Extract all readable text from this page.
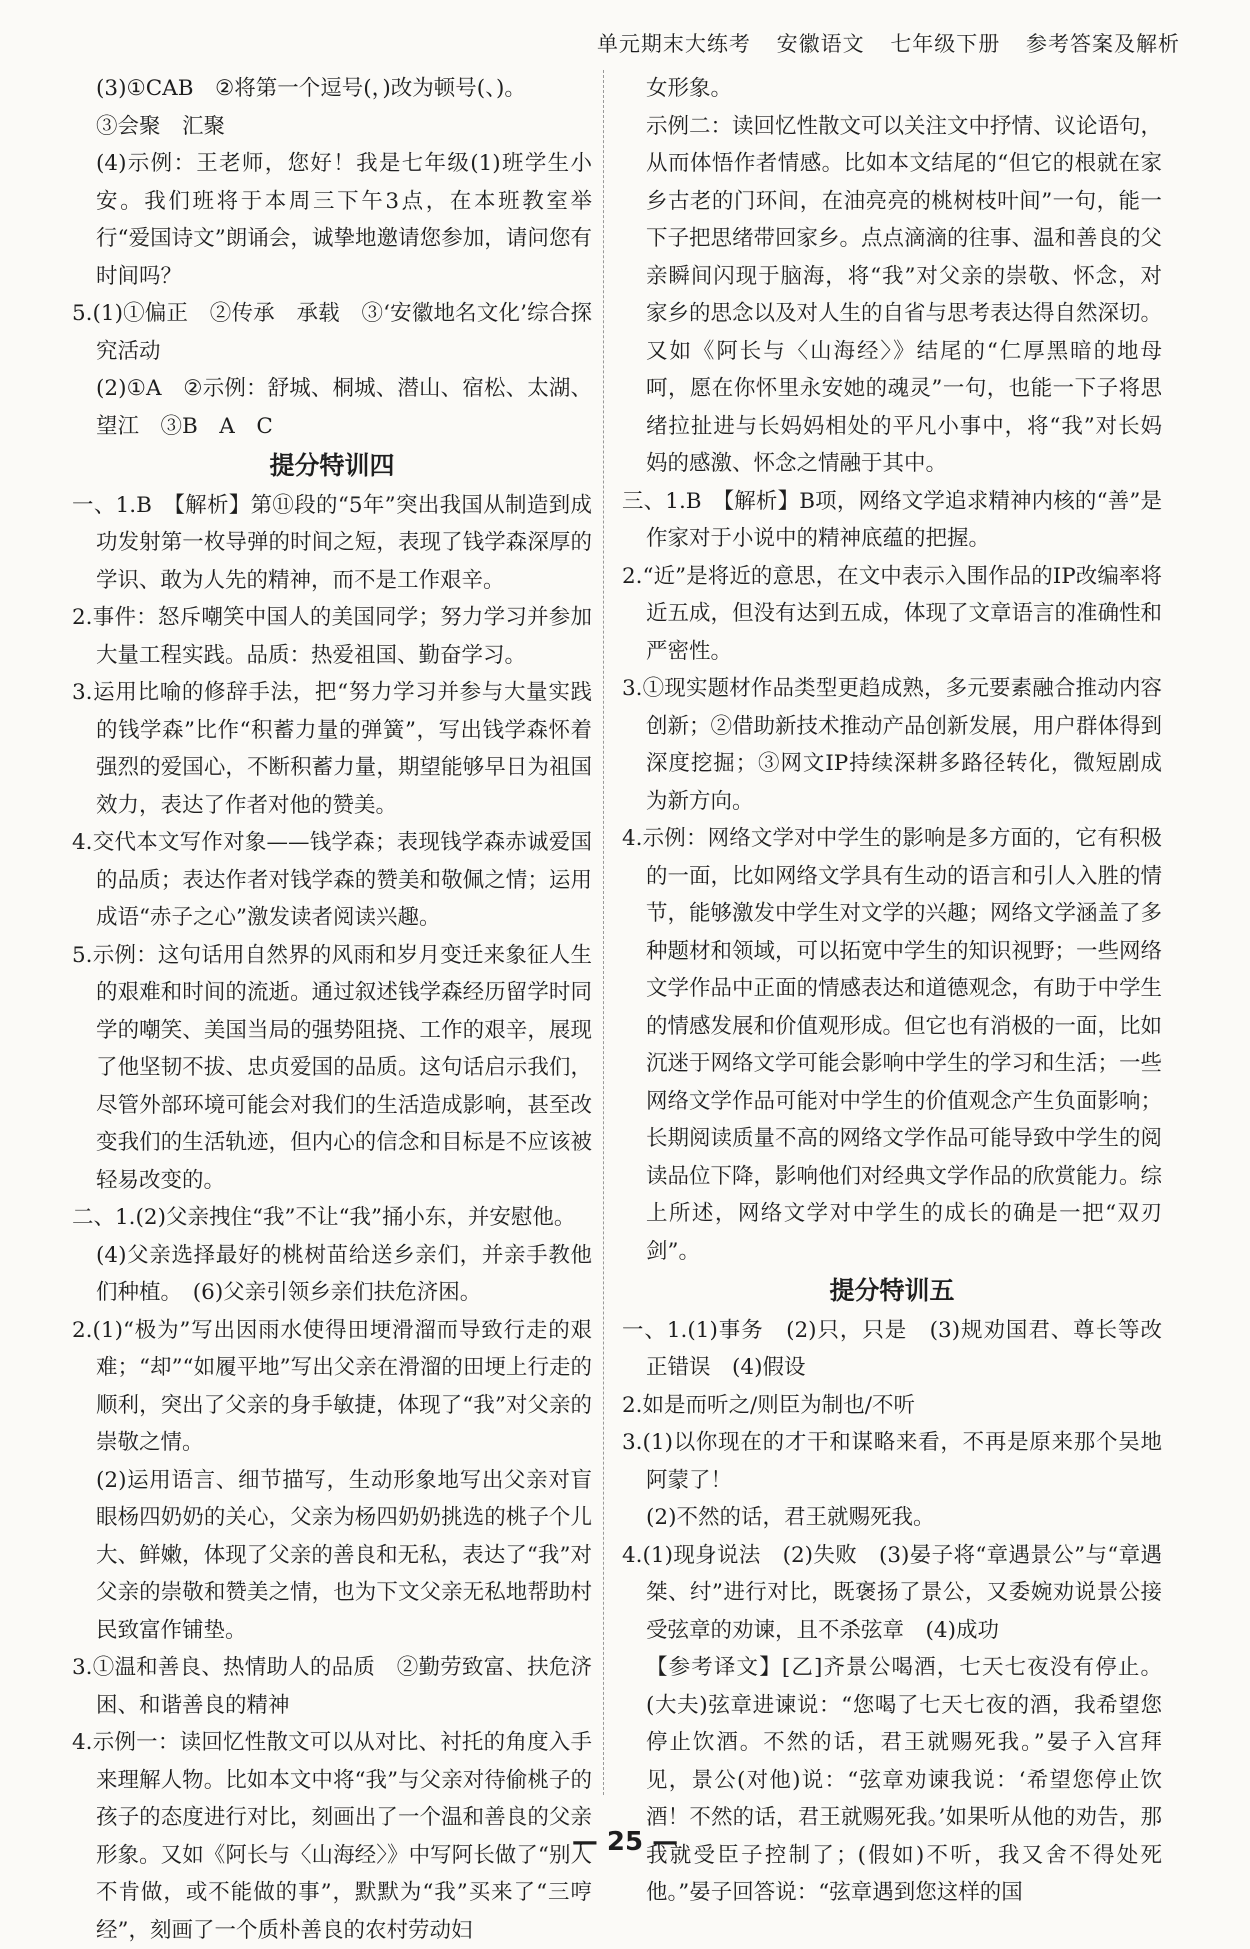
单元期末大练考 安徽语文 七年级下册 参考答案及解析

(3)①CAB　②将第一个逗号(，)改为顿号(、)。

③会聚　汇聚

(4)示例：王老师，您好！我是七年级(1)班学生小安。我们班将于本周三下午3点，在本班教室举行“爱国诗文”朗诵会，诚挚地邀请您参加，请问您有时间吗？

5.(1)①偏正　②传承　承载　③‘安徽地名文化’综合探究活动

(2)①A　②示例：舒城、桐城、潜山、宿松、太湖、望江　③B　A　C

提分特训四

一、1.B　【解析】第⑪段的“5年”突出我国从制造到成功发射第一枚导弹的时间之短，表现了钱学森深厚的学识、敢为人先的精神，而不是工作艰辛。

2.事件：怒斥嘲笑中国人的美国同学；努力学习并参加大量工程实践。品质：热爱祖国、勤奋学习。

3.运用比喻的修辞手法，把“努力学习并参与大量实践的钱学森”比作“积蓄力量的弹簧”，写出钱学森怀着强烈的爱国心，不断积蓄力量，期望能够早日为祖国效力，表达了作者对他的赞美。

4.交代本文写作对象——钱学森；表现钱学森赤诚爱国的品质；表达作者对钱学森的赞美和敬佩之情；运用成语“赤子之心”激发读者阅读兴趣。

5.示例：这句话用自然界的风雨和岁月变迁来象征人生的艰难和时间的流逝。通过叙述钱学森经历留学时同学的嘲笑、美国当局的强势阻挠、工作的艰辛，展现了他坚韧不拔、忠贞爱国的品质。这句话启示我们，尽管外部环境可能会对我们的生活造成影响，甚至改变我们的生活轨迹，但内心的信念和目标是不应该被轻易改变的。

二、1.(2)父亲拽住“我”不让“我”捅小东，并安慰他。

(4)父亲选择最好的桃树苗给送乡亲们，并亲手教他们种植。　(6)父亲引领乡亲们扶危济困。

2.(1)“极为”写出因雨水使得田埂滑溜而导致行走的艰难；“却”“如履平地”写出父亲在滑溜的田埂上行走的顺利，突出了父亲的身手敏捷，体现了“我”对父亲的崇敬之情。

(2)运用语言、细节描写，生动形象地写出父亲对盲眼杨四奶奶的关心，父亲为杨四奶奶挑选的桃子个儿大、鲜嫩，体现了父亲的善良和无私，表达了“我”对父亲的崇敬和赞美之情，也为下文父亲无私地帮助村民致富作铺垫。

3.①温和善良、热情助人的品质　②勤劳致富、扶危济困、和谐善良的精神

4.示例一：读回忆性散文可以从对比、衬托的角度入手来理解人物。比如本文中将“我”与父亲对待偷桃子的孩子的态度进行对比，刻画出了一个温和善良的父亲形象。又如《阿长与〈山海经〉》中写阿长做了“别人不肯做，或不能做的事”，默默为“我”买来了“三哼经”，刻画了一个质朴善良的农村劳动妇

女形象。

示例二：读回忆性散文可以关注文中抒情、议论语句，从而体悟作者情感。比如本文结尾的“但它的根就在家乡古老的门环间，在油亮亮的桃树枝叶间”一句，能一下子把思绪带回家乡。点点滴滴的往事、温和善良的父亲瞬间闪现于脑海，将“我”对父亲的崇敬、怀念，对家乡的思念以及对人生的自省与思考表达得自然深切。又如《阿长与〈山海经〉》结尾的“仁厚黑暗的地母呵，愿在你怀里永安她的魂灵”一句，也能一下子将思绪拉扯进与长妈妈相处的平凡小事中，将“我”对长妈妈的感激、怀念之情融于其中。

三、1.B　【解析】B项，网络文学追求精神内核的“善”是作家对于小说中的精神底蕴的把握。

2.“近”是将近的意思，在文中表示入围作品的IP改编率将近五成，但没有达到五成，体现了文章语言的准确性和严密性。

3.①现实题材作品类型更趋成熟，多元要素融合推动内容创新；②借助新技术推动产品创新发展，用户群体得到深度挖掘；③网文IP持续深耕多路径转化，微短剧成为新方向。

4.示例：网络文学对中学生的影响是多方面的，它有积极的一面，比如网络文学具有生动的语言和引人入胜的情节，能够激发中学生对文学的兴趣；网络文学涵盖了多种题材和领域，可以拓宽中学生的知识视野；一些网络文学作品中正面的情感表达和道德观念，有助于中学生的情感发展和价值观形成。但它也有消极的一面，比如沉迷于网络文学可能会影响中学生的学习和生活；一些网络文学作品可能对中学生的价值观念产生负面影响；长期阅读质量不高的网络文学作品可能导致中学生的阅读品位下降，影响他们对经典文学作品的欣赏能力。综上所述，网络文学对中学生的成长的确是一把“双刃剑”。

提分特训五

一、1.(1)事务　(2)只，只是　(3)规劝国君、尊长等改正错误　(4)假设

2.如是而听之/则臣为制也/不听

3.(1)以你现在的才干和谋略来看，不再是原来那个吴地阿蒙了！

(2)不然的话，君王就赐死我。

4.(1)现身说法　(2)失败　(3)晏子将“章遇景公”与“章遇桀、纣”进行对比，既褒扬了景公，又委婉劝说景公接受弦章的劝谏，且不杀弦章　(4)成功

【参考译文】[乙]齐景公喝酒，七天七夜没有停止。(大夫)弦章进谏说：“您喝了七天七夜的酒，我希望您停止饮酒。不然的话，君王就赐死我。”晏子入宫拜见，景公(对他)说：“弦章劝谏我说：‘希望您停止饮酒！不然的话，君王就赐死我。’如果听从他的劝告，那我就受臣子控制了；(假如)不听，我又舍不得处死他。”晏子回答说：“弦章遇到您这样的国

— 25 —
